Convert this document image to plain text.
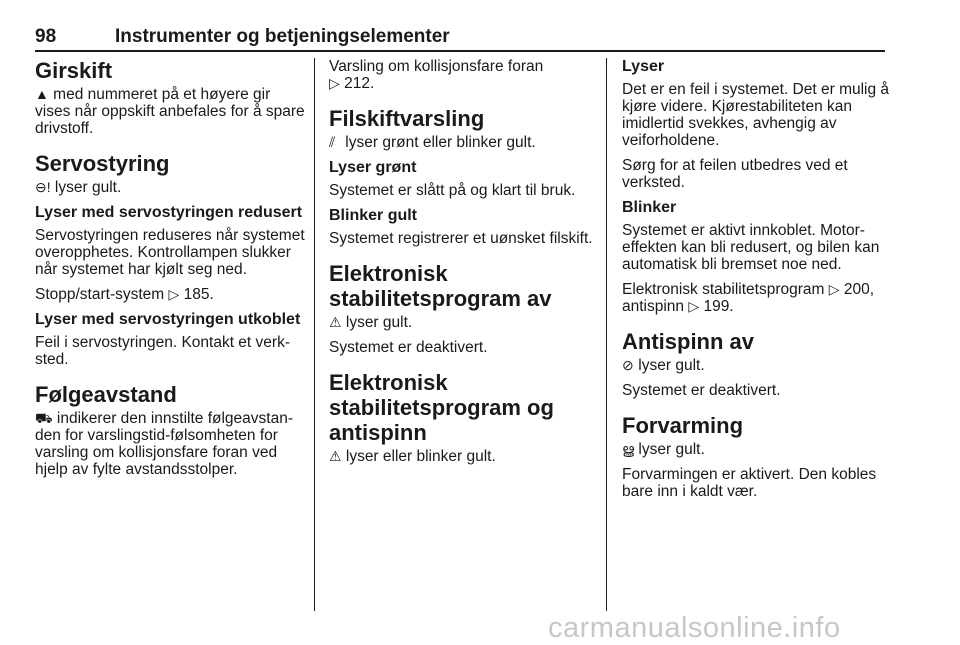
98	Instrumenter og betjeningselementer
Girskift

▲ med nummeret på et høyere gir vises når oppskift anbefales for å spare drivstoff.

Servostyring

⊖! lyser gult.

Lyser med servostyringen redusert

Servostyringen reduseres når systemet overopphetes. Kontrollampen slukker når systemet har kjølt seg ned.

Stopp/start-system ▷ 185.

Lyser med servostyringen utkoblet

Feil i servostyringen. Kontakt et verksted.

Følgeavstand

⛟ indikerer den innstilte følgeavstanden for varslingstid-følsomheten for varsling om kollisjonsfare foran ved hjelp av fylte avstandsstolper.

Varsling om kollisjonsfare foran
▷ 212.

Filskiftvarsling

⫽ lyser grønt eller blinker gult.

Lyser grønt

Systemet er slått på og klart til bruk.

Blinker gult

Systemet registrerer et uønsket filskift.

Elektronisk stabilitetsprogram av

⚠ lyser gult.

Systemet er deaktivert.

Elektronisk stabilitetsprogram og antispinn

⚠ lyser eller blinker gult.

Lyser

Det er en feil i systemet. Det er mulig å kjøre videre. Kjørestabiliteten kan imidlertid svekkes, avhengig av veiforholdene.

Sørg for at feilen utbedres ved et verksted.

Blinker

Systemet er aktivt innkoblet. Motoreffekten kan bli redusert, og bilen kan automatisk bli bremset noe ned.

Elektronisk stabilitetsprogram ▷ 200,
antispinn ▷ 199.

Antispinn av

⊘ lyser gult.

Systemet er deaktivert.

Forvarming

ൠ lyser gult.

Forvarmingen er aktivert. Den kobles bare inn i kaldt vær.

carmanualsonline.info
